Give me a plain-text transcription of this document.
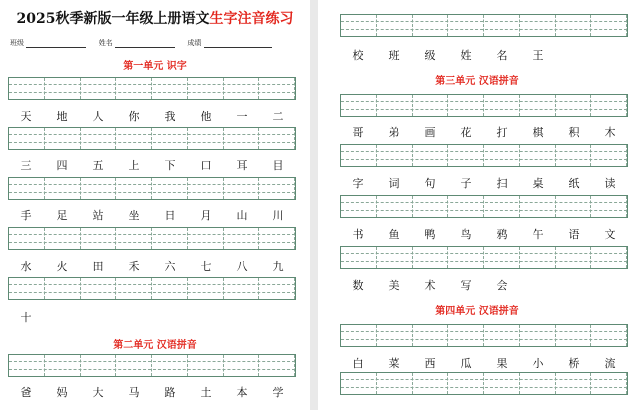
2025秋季新版一年级上册语文生字注音练习
班级	姓名	成绩
第一单元 识字
第二单元 汉语拼音
天	地	人	你	我	他	一	二
三	四	五	上	下	口	耳	目
手	足	站	坐	日	月	山	川
水	火	田	禾	六	七	八	九
十
爸	妈	大	马	路	土	本	学
第三单元 汉语拼音
第四单元 汉语拼音
校	班	级	姓	名	王
哥	弟	画	花	打	棋	积	木
字	词	句	子	扫	桌	纸	读
书	鱼	鸭	鸟	鸦	午	语	文
数	美	术	写	会
白	菜	西	瓜	果	小	桥	流
